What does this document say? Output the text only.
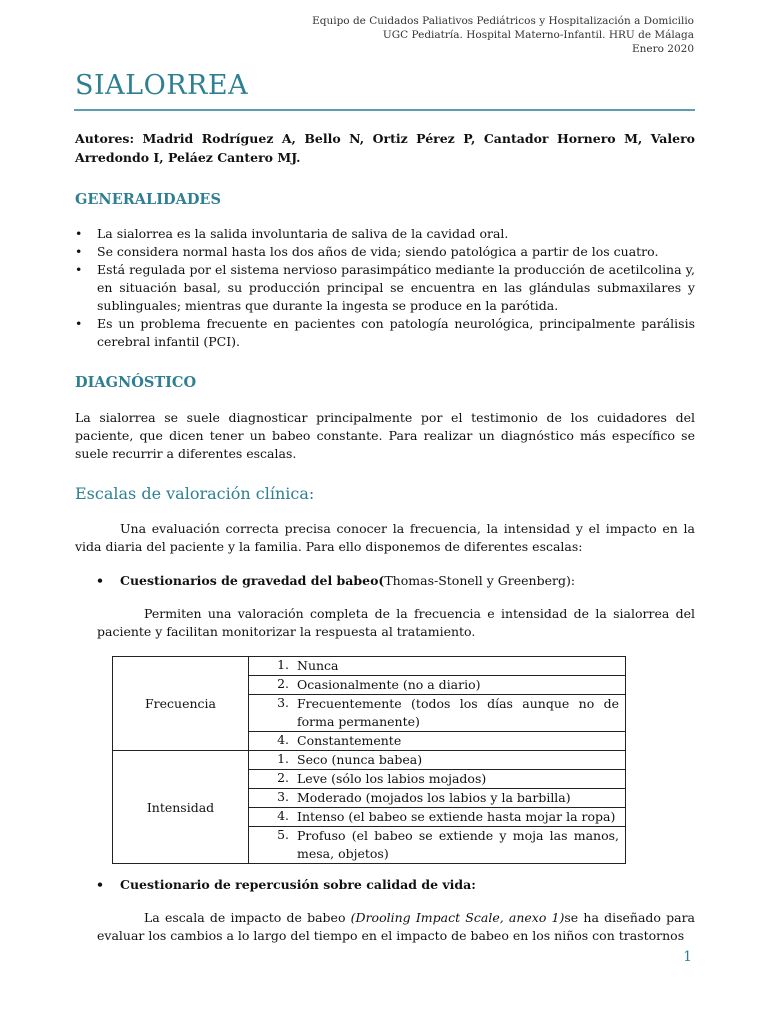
Equipo de Cuidados Paliativos Pediátricos y Hospitalización a Domicilio
UGC Pediatría. Hospital Materno-Infantil. HRU de Málaga
Enero 2020
SIALORREA
Autores: Madrid Rodríguez A, Bello N, Ortiz Pérez P, Cantador Hornero M, Valero Arredondo I, Peláez Cantero MJ.
GENERALIDADES
• La sialorrea es la salida involuntaria de saliva de la cavidad oral.
• Se considera normal hasta los dos años de vida; siendo patológica a partir de los cuatro.
• Está regulada por el sistema nervioso parasimpático mediante la producción de acetilcolina y, en situación basal, su producción principal se encuentra en las glándulas submaxilares y sublinguales; mientras que durante la ingesta se produce en la parótida.
• Es un problema frecuente en pacientes con patología neurológica, principalmente parálisis cerebral infantil (PCI).
DIAGNÓSTICO
La sialorrea se suele diagnosticar principalmente por el testimonio de los cuidadores del paciente, que dicen tener un babeo constante. Para realizar un diagnóstico más específico se suele recurrir a diferentes escalas.
Escalas de valoración clínica:
Una evaluación correcta precisa conocer la frecuencia, la intensidad y el impacto en la vida diaria del paciente y la familia. Para ello disponemos de diferentes escalas:
• Cuestionarios de gravedad del babeo(Thomas-Stonell y Greenberg):
Permiten una valoración completa de la frecuencia e intensidad de la sialorrea del paciente y facilitan monitorizar la respuesta al tratamiento.
Frecuencia	1. Nunca
	2. Ocasionalmente (no a diario)
	3. Frecuentemente (todos los días aunque no de forma permanente)
	4. Constantemente
Intensidad	1. Seco (nunca babea)
	2. Leve (sólo los labios mojados)
	3. Moderado (mojados los labios y la barbilla)
	4. Intenso (el babeo se extiende hasta mojar la ropa)
	5. Profuso (el babeo se extiende y moja las manos, mesa, objetos)
• Cuestionario de repercusión sobre calidad de vida:
La escala de impacto de babeo (Drooling Impact Scale, anexo 1)se ha diseñado para evaluar los cambios a lo largo del tiempo en el impacto de babeo en los niños con trastornos
1
